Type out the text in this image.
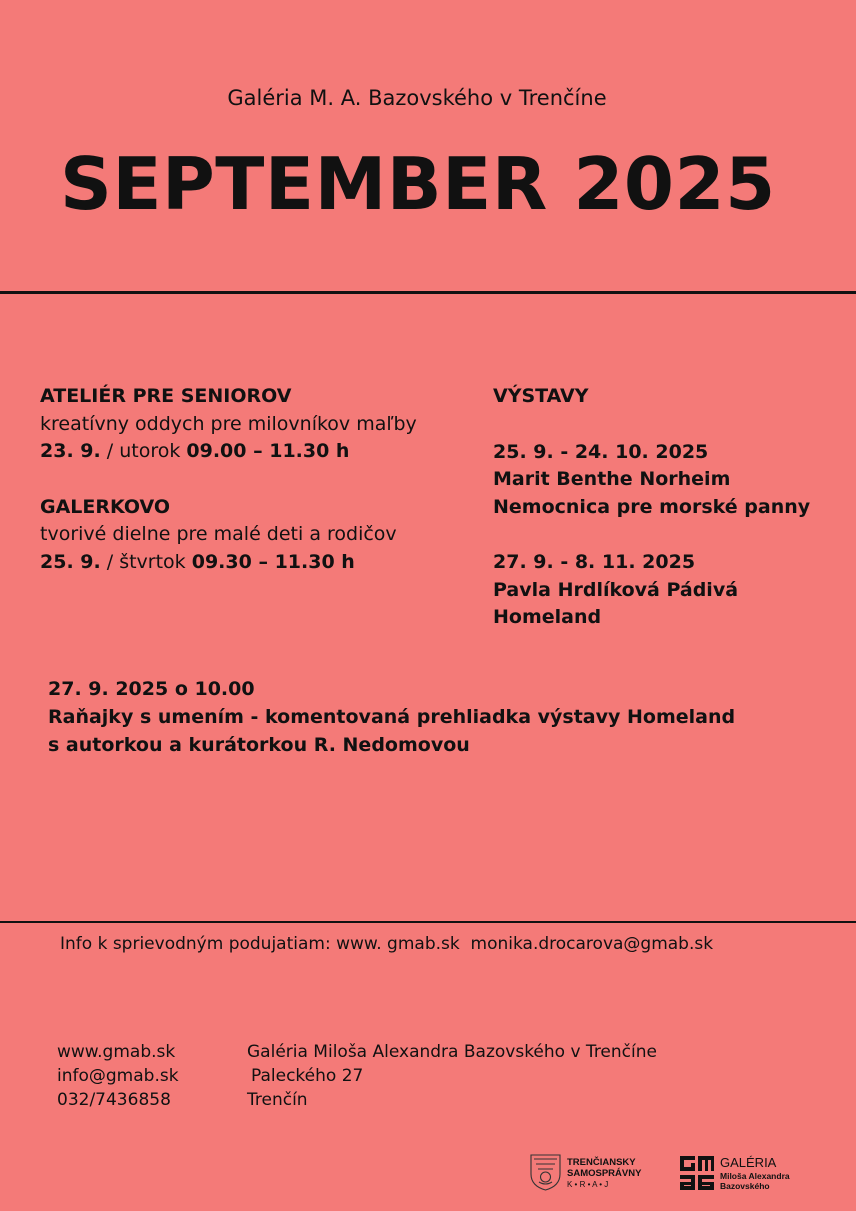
Galéria M. A. Bazovského v Trenčíne
SEPTEMBER 2025
ATELIÉR PRE SENIOROV
kreatívny oddych pre milovníkov maľby
23. 9. / utorok 09.00 – 11.30 h
GALERKOVO
tvorivé dielne pre malé deti a rodičov
25. 9. / štvrtok 09.30 – 11.30 h
VÝSTAVY
25. 9. - 24. 10. 2025
Marit Benthe Norheim
Nemocnica pre morské panny
27. 9. - 8. 11. 2025
Pavla Hrdlíková Pádivá
Homeland
27. 9. 2025 o 10.00
Raňajky s umením - komentovaná prehliadka výstavy Homeland
s autorkou a kurátorkou R. Nedomovou
Info k sprievodným podujatiam: www. gmab.sk  monika.drocarova@gmab.sk
www.gmab.sk
info@gmab.sk
032/7436858
Galéria Miloša Alexandra Bazovského v Trenčíne
Paleckého 27
Trenčín
TRENČIANSKY
SAMOSPRÁVNY
K • R • A • J
GALÉRIA
Miloša Alexandra
Bazovského
